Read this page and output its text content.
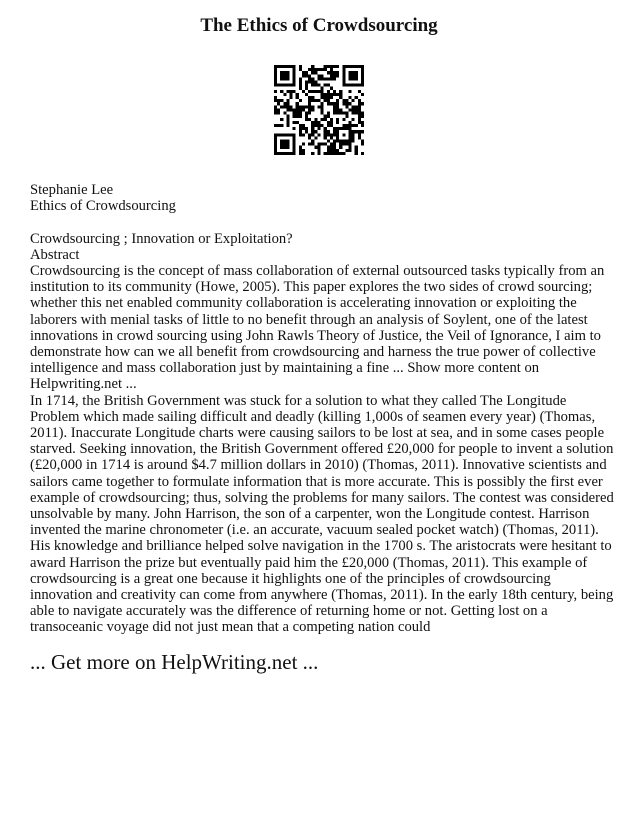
The Ethics of Crowdsourcing

Stephanie Lee

Ethics of Crowdsourcing

Crowdsourcing ; Innovation or Exploitation?

Abstract

Crowdsourcing is the concept of mass collaboration of external outsourced tasks typically from an institution to its community (Howe, 2005). This paper explores the two sides of crowd sourcing; whether this net enabled community collaboration is accelerating innovation or exploiting the laborers with menial tasks of little to no benefit through an analysis of Soylent, one of the latest innovations in crowd sourcing using John Rawls Theory of Justice, the Veil of Ignorance, I aim to demonstrate how can we all benefit from crowdsourcing and harness the true power of collective intelligence and mass collaboration just by maintaining a fine ... Show more content on Helpwriting.net ...

In 1714, the British Government was stuck for a solution to what they called The Longitude Problem which made sailing difficult and deadly (killing 1,000s of seamen every year) (Thomas, 2011). Inaccurate Longitude charts were causing sailors to be lost at sea, and in some cases people starved. Seeking innovation, the British Government offered £20,000 for people to invent a solution (£20,000 in 1714 is around $4.7 million dollars in 2010) (Thomas, 2011). Innovative scientists and sailors came together to formulate information that is more accurate. This is possibly the first ever example of crowdsourcing; thus, solving the problems for many sailors. The contest was considered unsolvable by many. John Harrison, the son of a carpenter, won the Longitude contest. Harrison invented the marine chronometer (i.e. an accurate, vacuum sealed pocket watch) (Thomas, 2011). His knowledge and brilliance helped solve navigation in the 1700 s. The aristocrats were hesitant to award Harrison the prize but eventually paid him the £20,000 (Thomas, 2011). This example of crowdsourcing is a great one because it highlights one of the principles of crowdsourcing innovation and creativity can come from anywhere (Thomas, 2011). In the early 18th century, being able to navigate accurately was the difference of returning home or not. Getting lost on a transoceanic voyage did not just mean that a competing nation could

... Get more on HelpWriting.net ...
